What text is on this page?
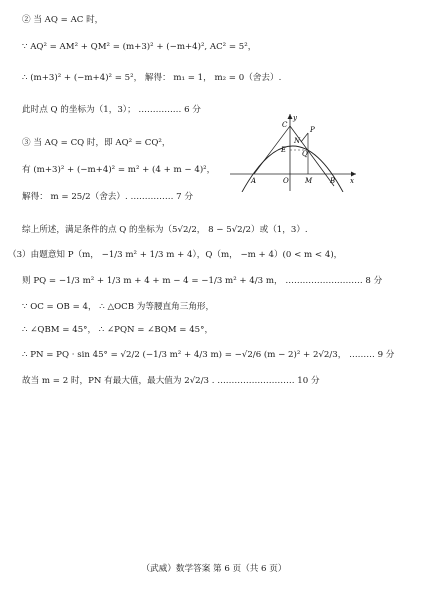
② 当 AQ = AC 时，
∵ AQ² = AM² + QM² = (m+3)² + (−m+4)², AC² = 5²，
∴ (m+3)² + (−m+4)² = 5²， 解得： m₁ = 1， m₂ = 0（舍去）.
此时点 Q 的坐标为（1，3）； …………… 6 分
③ 当 AQ = CQ 时，即 AQ² = CQ²，
有 (m+3)² + (−m+4)² = m² + (4 + m − 4)²，
解得： m = 25/2（舍去）. …………… 7 分
综上所述，满足条件的点 Q 的坐标为（5√2/2， 8 − 5√2/2）或（1，3）.
（3）由题意知 P（m， −1/3 m² + 1/3 m + 4），Q（m， −m + 4）(0 < m < 4)，
则 PQ = −1/3 m² + 1/3 m + 4 + m − 4 = −1/3 m² + 4/3 m， ……………………… 8 分
∵ OC = OB = 4， ∴ △OCB 为等腰直角三角形，
∴ ∠QBM = 45°， ∴ ∠PQN = ∠BQM = 45°，
∴ PN = PQ · sin 45° = √2/2 (−1/3 m² + 4/3 m) = −√2/6 (m − 2)² + 2√2/3， ……… 9 分
故当 m = 2 时，PN 有最大值，最大值为 2√2/3 . ……………………… 10 分
y
C
E
P
N
Q
A	O M	B x
（武威）数学答案 第 6 页（共 6 页）
